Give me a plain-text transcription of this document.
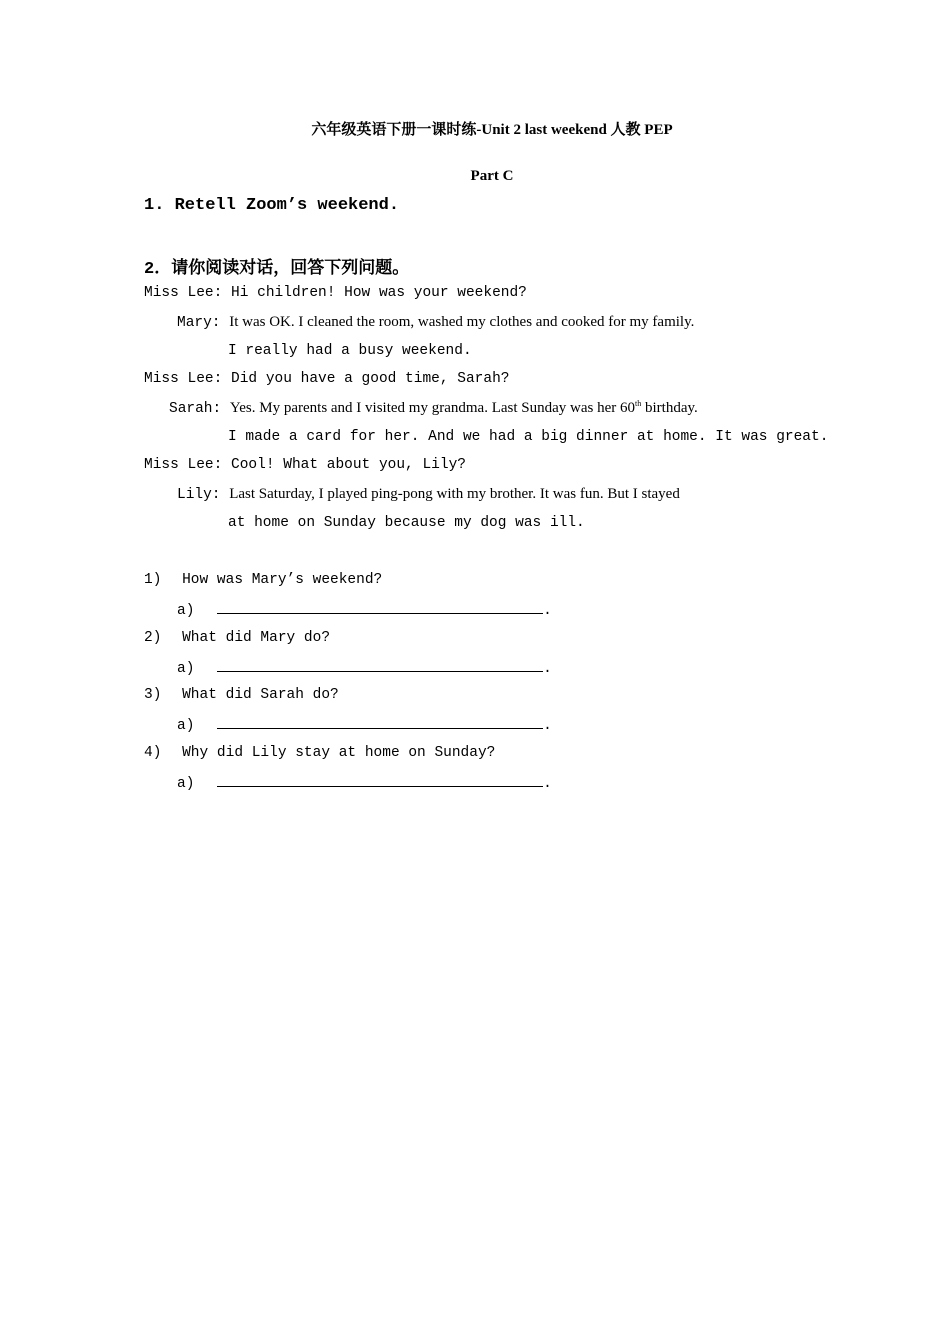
六年级英语下册一课时练-Unit 2 last weekend 人教 PEP
Part C
1. Retell Zoom’s weekend.
2．请你阅读对话，回答下列问题。
Miss Lee: Hi children! How was your weekend?
Mary: It was OK. I cleaned the room, washed my clothes and cooked for my family.
I really had a busy weekend.
Miss Lee: Did you have a good time, Sarah?
Sarah: Yes. My parents and I visited my grandma. Last Sunday was her 60th birthday.
I made a card for her. And we had a big dinner at home. It was great.
Miss Lee: Cool! What about you, Lily?
Lily: Last Saturday, I played ping-pong with my brother. It was fun. But I stayed
at home on Sunday because my dog was ill.
1) How was Mary’s weekend?
a)	.
2) What did Mary do?
a)	.
3) What did Sarah do?
a)	.
4) Why did Lily stay at home on Sunday?
a)	.
